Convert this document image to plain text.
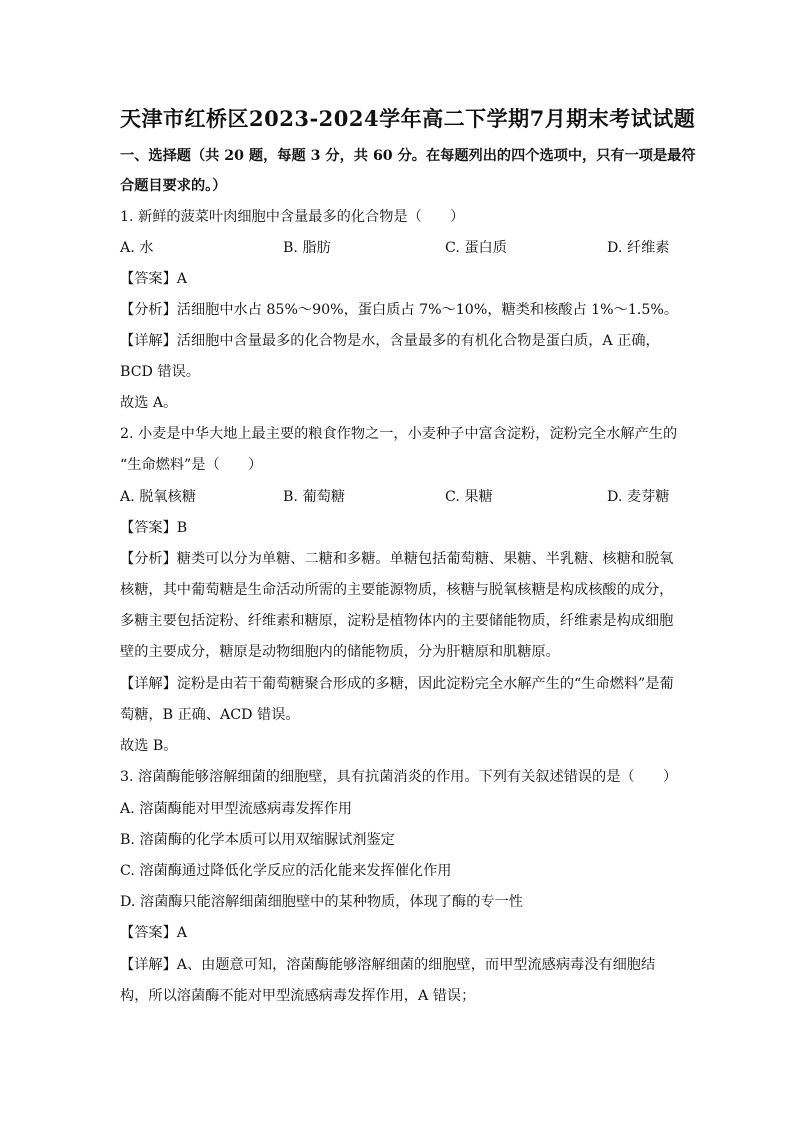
天津市红桥区2023-2024学年高二下学期7月期末考试试题
一、选择题（共 20 题，每题 3 分，共 60 分。在每题列出的四个选项中，只有一项是最符
合题目要求的。）
1. 新鲜的菠菜叶肉细胞中含量最多的化合物是（　　）
A. 水	B. 脂肪	C. 蛋白质	D. 纤维素
【答案】A
【分析】活细胞中水占 85%～90%，蛋白质占 7%～10%，糖类和核酸占 1%～1.5%。
【详解】活细胞中含量最多的化合物是水，含量最多的有机化合物是蛋白质，A 正确，
BCD 错误。
故选 A。
2. 小麦是中华大地上最主要的粮食作物之一，小麦种子中富含淀粉，淀粉完全水解产生的
“生命燃料”是（　　）
A. 脱氧核糖	B. 葡萄糖	C. 果糖	D. 麦芽糖
【答案】B
【分析】糖类可以分为单糖、二糖和多糖。单糖包括葡萄糖、果糖、半乳糖、核糖和脱氧
核糖，其中葡萄糖是生命活动所需的主要能源物质，核糖与脱氧核糖是构成核酸的成分，
多糖主要包括淀粉、纤维素和糖原，淀粉是植物体内的主要储能物质，纤维素是构成细胞
壁的主要成分，糖原是动物细胞内的储能物质，分为肝糖原和肌糖原。
【详解】淀粉是由若干葡萄糖聚合形成的多糖，因此淀粉完全水解产生的“生命燃料”是葡
萄糖，B 正确、ACD 错误。
故选 B。
3. 溶菌酶能够溶解细菌的细胞壁，具有抗菌消炎的作用。下列有关叙述错误的是（　　）
A. 溶菌酶能对甲型流感病毒发挥作用
B. 溶菌酶的化学本质可以用双缩脲试剂鉴定
C. 溶菌酶通过降低化学反应的活化能来发挥催化作用
D. 溶菌酶只能溶解细菌细胞壁中的某种物质，体现了酶的专一性
【答案】A
【详解】A、由题意可知，溶菌酶能够溶解细菌的细胞壁，而甲型流感病毒没有细胞结
构，所以溶菌酶不能对甲型流感病毒发挥作用，A 错误；
